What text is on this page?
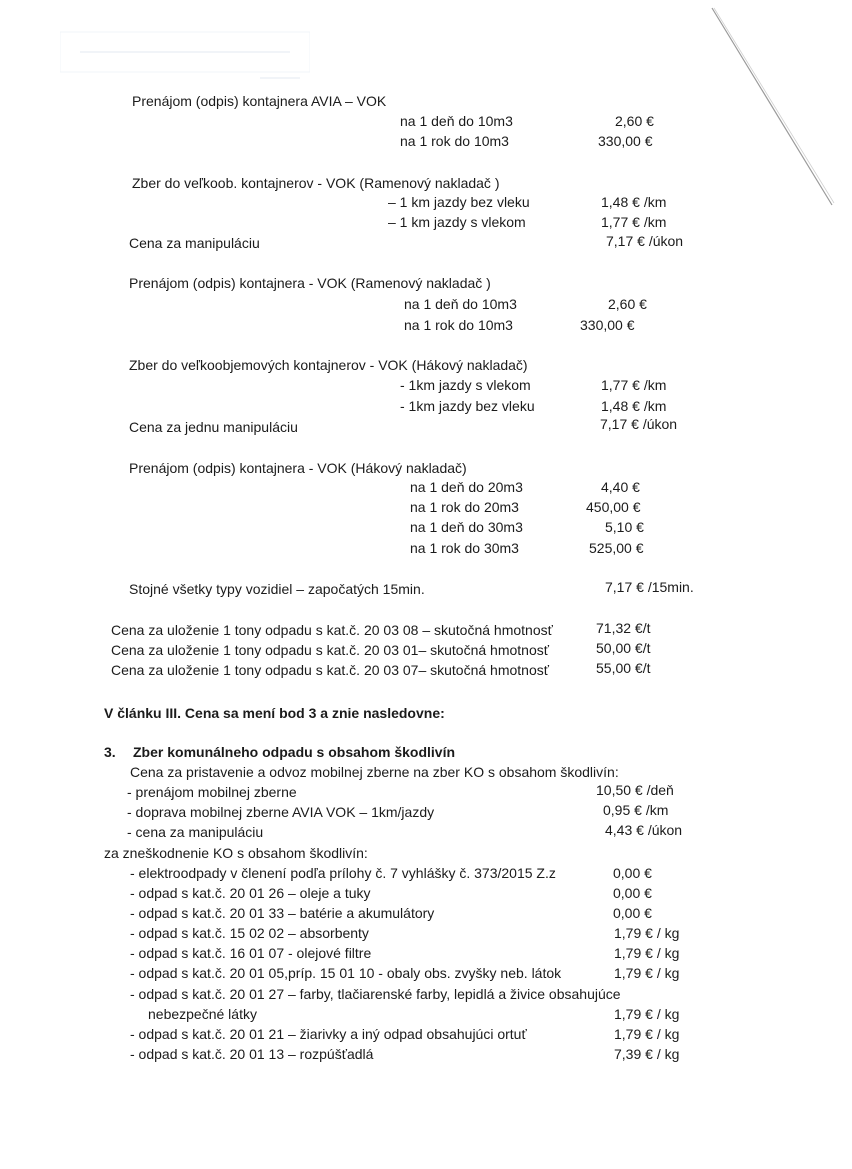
Prenájom (odpis) kontajnera AVIA – VOK
na 1 deň do 10m3	2,60 €
na 1 rok do 10m3	330,00 €
Zber do veľkoob. kontajnerov - VOK (Ramenový nakladač )
– 1 km jazdy bez vleku	1,48 € /km
– 1 km jazdy s vlekom	1,77 € /km
Cena za manipuláciu	7,17 € /úkon
Prenájom (odpis) kontajnera - VOK (Ramenový nakladač )
na 1 deň do 10m3	2,60 €
na 1 rok do 10m3	330,00 €
Zber do veľkoobjemových kontajnerov - VOK (Hákový nakladač)
- 1km jazdy s vlekom	1,77 € /km
- 1km jazdy bez vleku	1,48 € /km
Cena za jednu manipuláciu	7,17 € /úkon
Prenájom (odpis) kontajnera - VOK (Hákový nakladač)
na 1 deň do 20m3	4,40 €
na 1 rok do 20m3	450,00 €
na 1 deň do 30m3	5,10 €
na 1 rok do 30m3	525,00 €
Stojné všetky typy vozidiel – započatých 15min.	7,17 € /15min.
Cena za uloženie 1 tony odpadu s kat.č. 20 03 08 – skutočná hmotnosť	71,32 €/t
Cena za uloženie 1 tony odpadu s kat.č. 20 03 01– skutočná hmotnosť	50,00 €/t
Cena za uloženie 1 tony odpadu s kat.č. 20 03 07– skutočná hmotnosť	55,00 €/t
V článku III. Cena sa mení bod 3 a znie nasledovne:
3. Zber komunálneho odpadu s obsahom škodlivín
Cena za pristavenie a odvoz mobilnej zberne na zber KO s obsahom škodlivín:
- prenájom mobilnej zberne	10,50 € /deň
- doprava mobilnej zberne AVIA VOK – 1km/jazdy	0,95 € /km
- cena za manipuláciu	4,43 € /úkon
za zneškodnenie KO s obsahom škodlivín:
- elektroodpady v členení podľa prílohy č. 7 vyhlášky č. 373/2015 Z.z	0,00 €
- odpad s kat.č. 20 01 26 – oleje a tuky	0,00 €
- odpad s kat.č. 20 01 33 – batérie a akumulátory	0,00 €
- odpad s kat.č. 15 02 02 – absorbenty	1,79 € / kg
- odpad s kat.č. 16 01 07 - olejové filtre	1,79 € / kg
- odpad s kat.č. 20 01 05,príp. 15 01 10 - obaly obs. zvyšky neb. látok	1,79 € / kg
- odpad s kat.č. 20 01 27 – farby, tlačiarenské farby, lepidlá a živice obsahujúce
nebezpečné látky	1,79 € / kg
- odpad s kat.č. 20 01 21 – žiarivky a iný odpad obsahujúci ortuť	1,79 € / kg
- odpad s kat.č. 20 01 13 – rozpúšťadlá	7,39 € / kg
